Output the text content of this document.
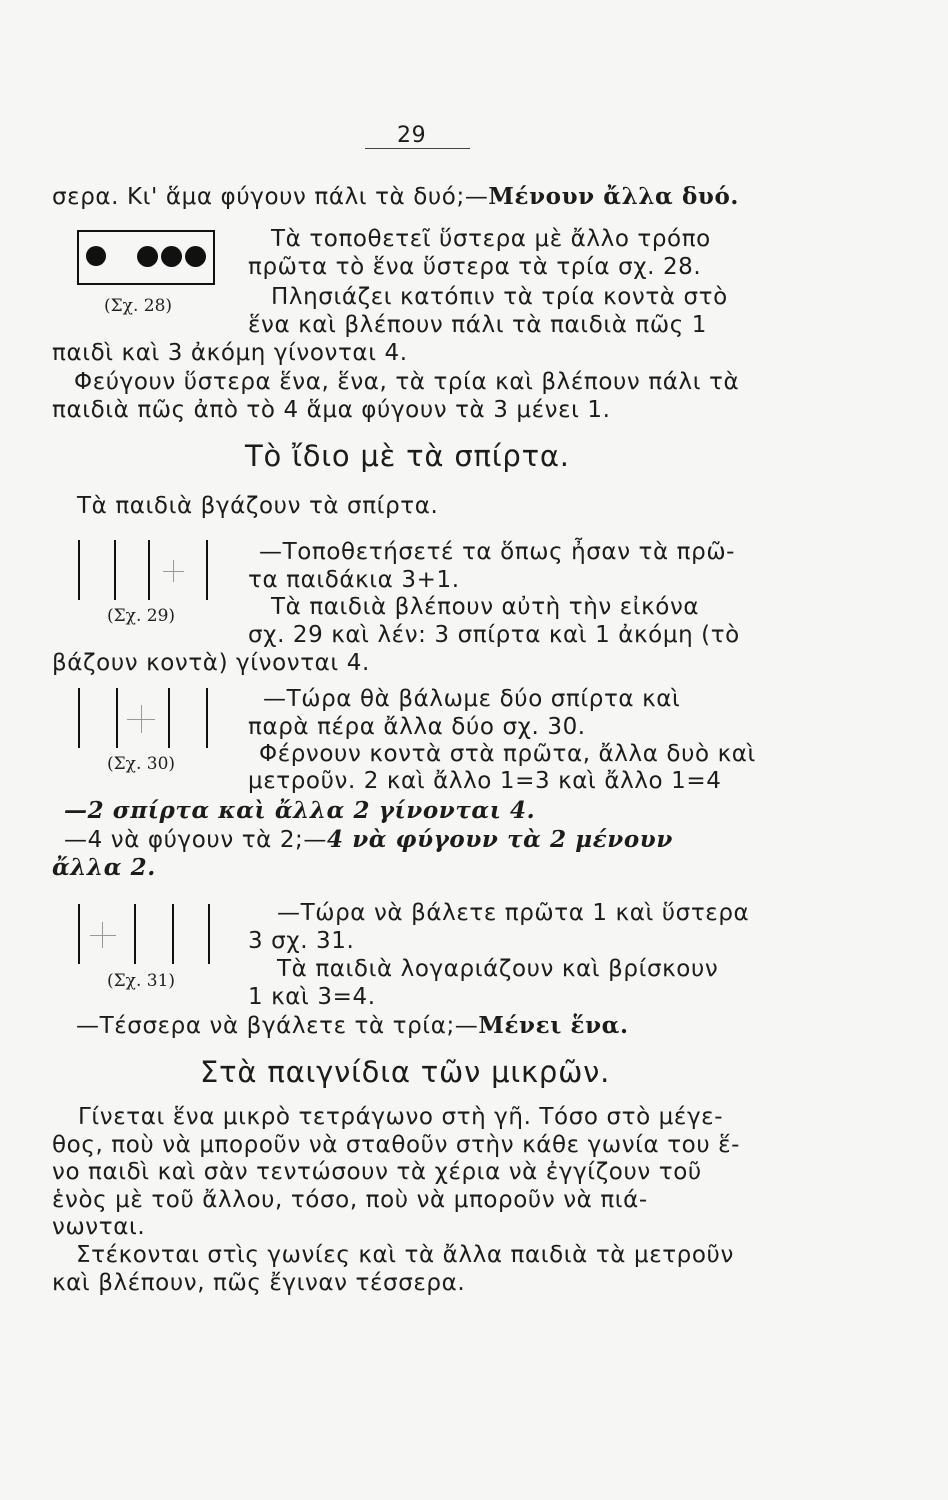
29
σερα. Κι' ἅμα φύγουν πάλι τὰ δυό;—Μένουν ἄλλα δυό.
(Σχ. 28)
Τὰ τοποθετεῖ ὕστερα μὲ ἄλλο τρόπο
πρῶτα τὸ ἕνα ὕστερα τὰ τρία σχ. 28.
Πλησιάζει κατόπιν τὰ τρία κοντὰ στὸ
ἕνα καὶ βλέπουν πάλι τὰ παιδιὰ πῶς 1
παιδὶ καὶ 3 ἀκόμη γίνονται 4.
Φεύγουν ὕστερα ἕνα, ἕνα, τὰ τρία καὶ βλέπουν πάλι τὰ
παιδιὰ πῶς ἀπὸ τὸ 4 ἅμα φύγουν τὰ 3 μένει 1.
Τὸ ἴδιο μὲ τὰ σπίρτα.
Τὰ παιδιὰ βγάζουν τὰ σπίρτα.
(Σχ. 29)
—Τοποθετήσετέ τα ὅπως ἦσαν τὰ πρῶ-
τα παιδάκια 3+1.
Τὰ παιδιὰ βλέπουν αὐτὴ τὴν εἰκόνα
σχ. 29 καὶ λέν: 3 σπίρτα καὶ 1 ἀκόμη (τὸ
βάζουν κοντὰ) γίνονται 4.
(Σχ. 30)
—Τώρα θὰ βάλωμε δύο σπίρτα καὶ
παρὰ πέρα ἄλλα δύο σχ. 30.
Φέρνουν κοντὰ στὰ πρῶτα, ἄλλα δυὸ καὶ
μετροῦν. 2 καὶ ἄλλο 1=3 καὶ ἄλλο 1=4
—2 σπίρτα καὶ ἄλλα 2 γίνονται 4.
—4 νὰ φύγουν τὰ 2;—4 νὰ φύγουν τὰ 2 μένουν
ἄλλα 2.
(Σχ. 31)
—Τώρα νὰ βάλετε πρῶτα 1 καὶ ὕστερα
3 σχ. 31.
Τὰ παιδιὰ λογαριάζουν καὶ βρίσκουν
1 καὶ 3=4.
—Τέσσερα νὰ βγάλετε τὰ τρία;—Μένει ἕνα.
Στὰ παιγνίδια τῶν μικρῶν.
Γίνεται ἕνα μικρὸ τετράγωνο στὴ γῆ. Τόσο στὸ μέγε-
θος, ποὺ νὰ μποροῦν νὰ σταθοῦν στὴν κάθε γωνία του ἕ-
νο παιδὶ καὶ σὰν τεντώσουν τὰ χέρια νὰ ἐγγίζουν τοῦ
ἑνὸς μὲ τοῦ ἄλλου, τόσο, ποὺ νὰ μποροῦν νὰ πιά-
νωνται.
Στέκονται στὶς γωνίες καὶ τὰ ἄλλα παιδιὰ τὰ μετροῦν
καὶ βλέπουν, πῶς ἔγιναν τέσσερα.
